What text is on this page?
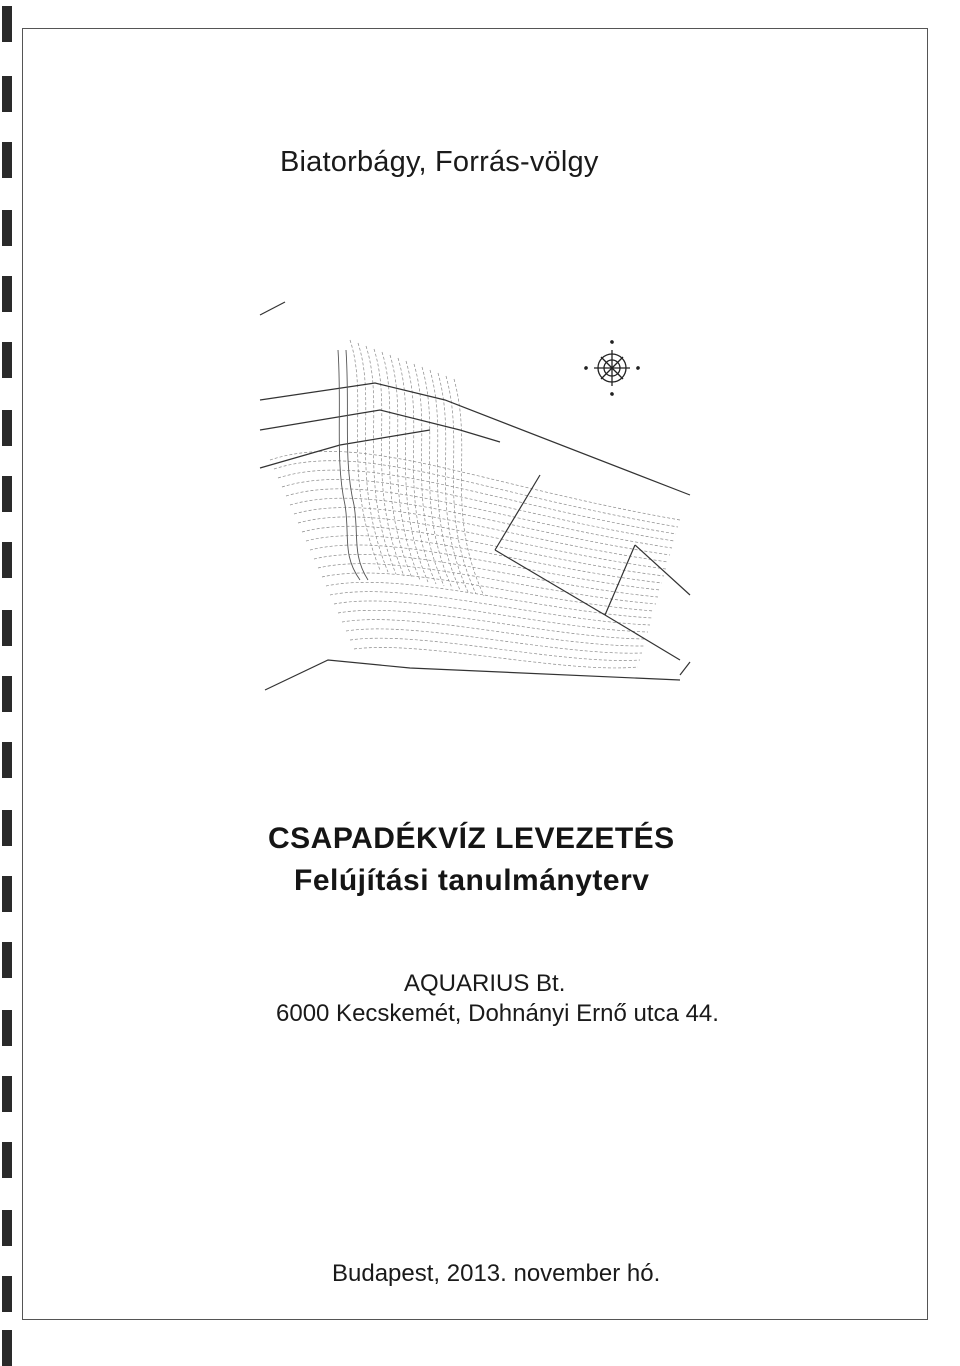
Biatorbágy, Forrás-völgy
CSAPADÉKVÍZ LEVEZETÉS
Felújítási tanulmányterv
AQUARIUS Bt.
6000 Kecskemét, Dohnányi Ernő utca 44.
Budapest, 2013. november hó.
